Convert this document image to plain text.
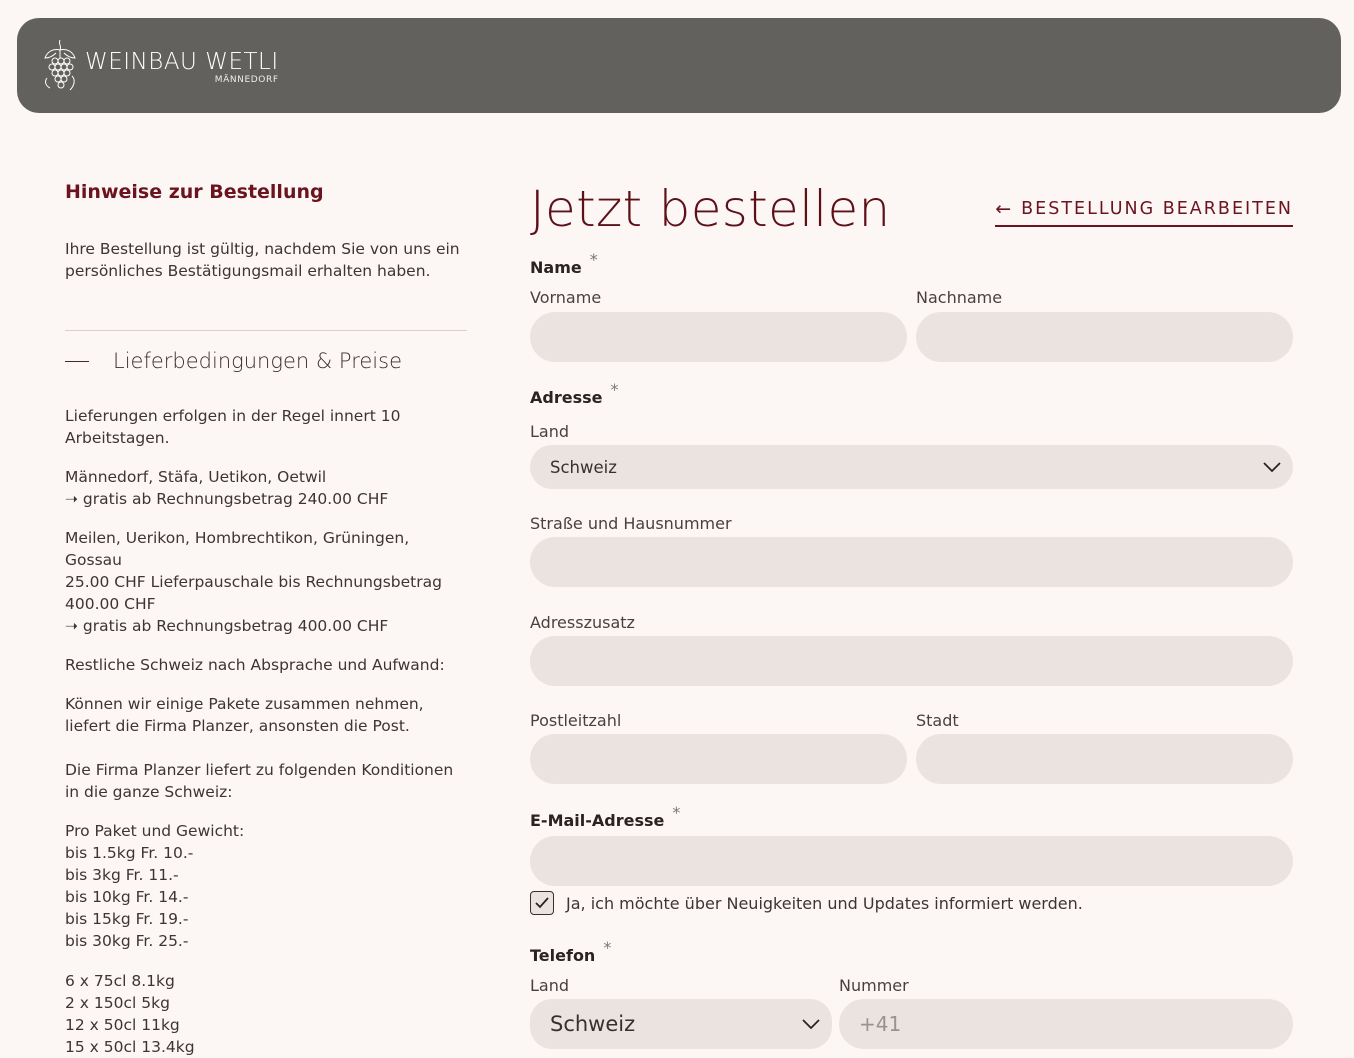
WEINBAU WETLI
MÄNNEDORF
Hinweise zur Bestellung

Ihre Bestellung ist gültig, nachdem Sie von uns ein persönliches Bestätigungsmail erhalten haben.

Lieferbedingungen & Preise

Lieferungen erfolgen in der Regel innert 10 Arbeitstagen.

Männedorf, Stäfa, Uetikon, Oetwil

➝ gratis ab Rechnungsbetrag 240.00 CHF

Meilen, Uerikon, Hombrechtikon, Grüningen, Gossau

25.00 CHF Lieferpauschale bis Rechnungsbetrag 400.00 CHF

➝ gratis ab Rechnungsbetrag 400.00 CHF

Restliche Schweiz nach Absprache und Aufwand:

Können wir einige Pakete zusammen nehmen, liefert die Firma Planzer, ansonsten die Post.

Die Firma Planzer liefert zu folgenden Konditionen in die ganze Schweiz:

Pro Paket und Gewicht:

bis 1.5kg Fr. 10.-

bis 3kg Fr. 11.-

bis 10kg Fr. 14.-

bis 15kg Fr. 19.-

bis 30kg Fr. 25.-

6 x 75cl 8.1kg

2 x 150cl 5kg

12 x 50cl 11kg

15 x 50cl 13.4kg

Jetzt bestellen	← BESTELLUNG BEARBEITEN
Name *
Vorname	Nachname
Adresse *
Land
Schweiz
Straße und Hausnummer
Adresszusatz
Postleitzahl	Stadt
E-Mail-Adresse *
Ja, ich möchte über Neuigkeiten und Updates informiert werden.
Telefon *
Land	Nummer
Schweiz	+41
